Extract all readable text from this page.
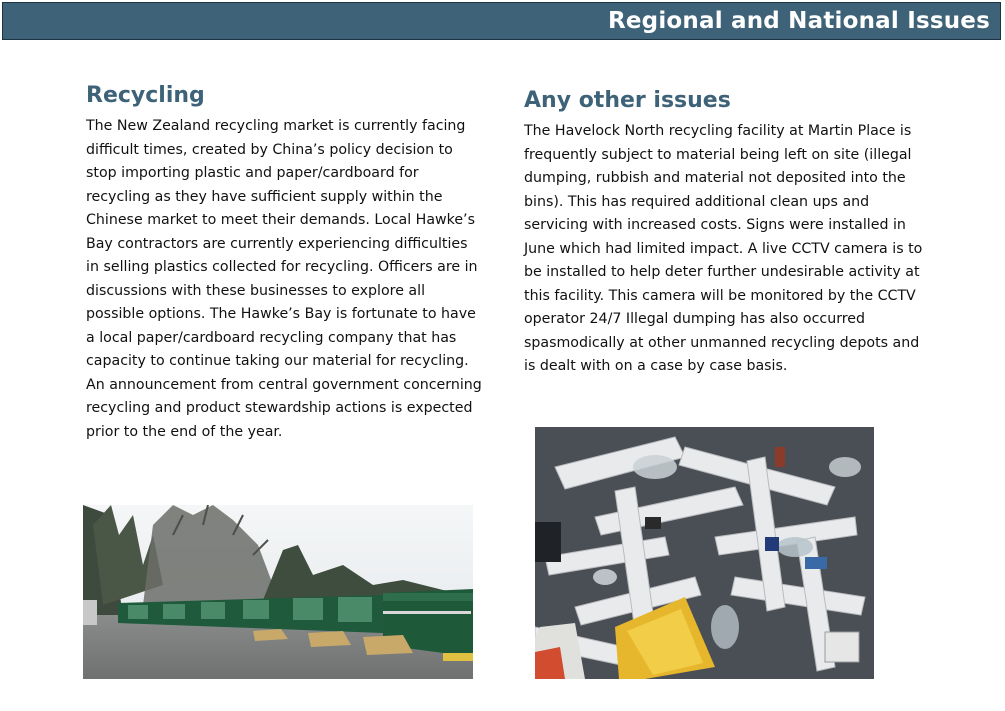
Regional and National Issues
Recycling

The New Zealand recycling market is currently facing difficult times, created by China’s policy decision to stop importing plastic and paper/cardboard for recycling as they have sufficient supply within the Chinese market to meet their demands. Local Hawke’s Bay contractors are currently experiencing difficulties in selling plastics collected for recycling. Officers are in discussions with these businesses to explore all possible options. The Hawke’s Bay is fortunate to have a local paper/cardboard recycling company that has capacity to continue taking our material for recycling. An announcement from central government concerning recycling and product stewardship actions is expected prior to the end of the year.

Any other issues

The Havelock North recycling facility at Martin Place is frequently subject to material being left on site (illegal dumping, rubbish and material not deposited into the bins). This has required additional clean ups and servicing with increased costs. Signs were installed in June which had limited impact. A live CCTV camera is to be installed to help deter further undesirable activity at this facility. This camera will be monitored by the CCTV operator 24/7 Illegal dumping has also occurred spasmodically at other unmanned recycling depots and is dealt with on a case by case basis.
